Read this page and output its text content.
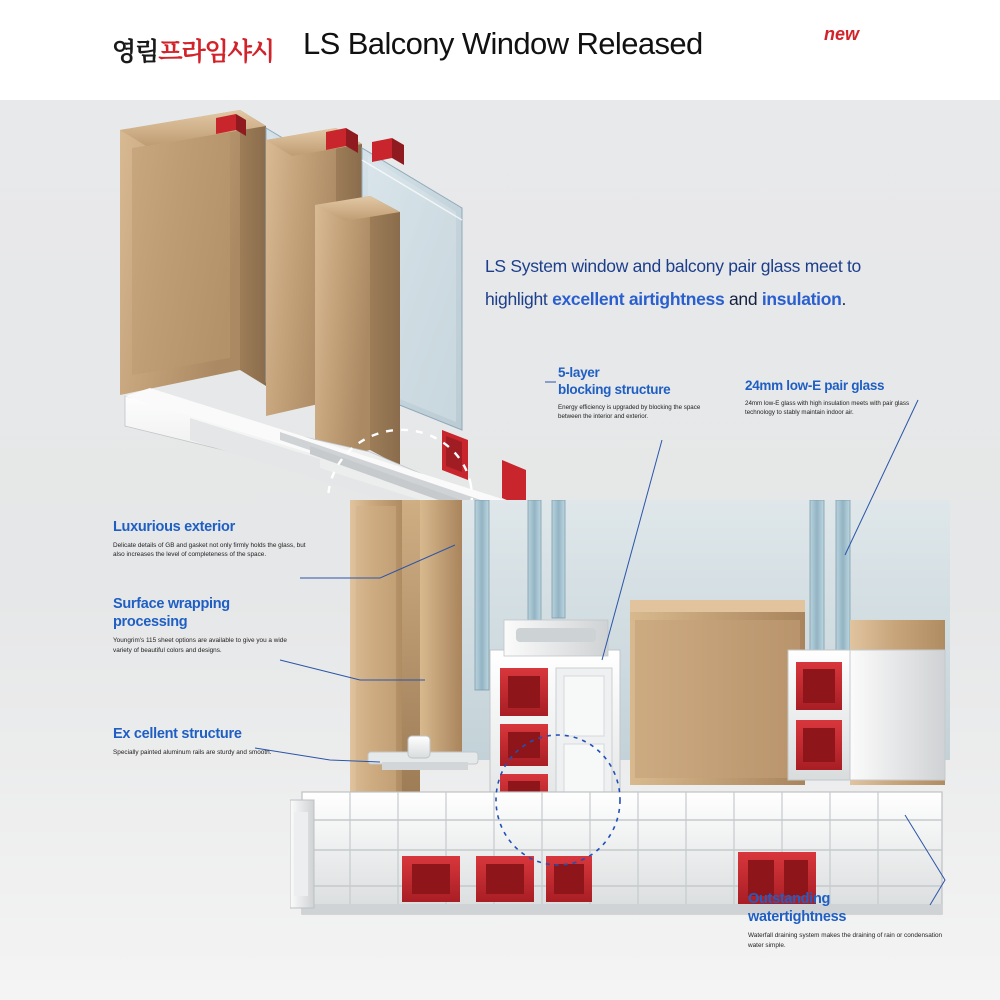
영림프라임샤시 LS Balcony Window Released	new
LS System window and balcony pair glass meet to
highlight excellent airtightness and insulation.
5-layer
blocking structure
Energy efficiency is upgraded by blocking the space between the interior and exterior.
24mm low-E pair glass
24mm low-E glass with high insulation meets with pair glass technology to stably maintain indoor air.
Luxurious exterior
Delicate details of GB and gasket not only firmly holds the glass, but also increases the level of completeness of the space.
Surface wrapping
processing
Youngrim's 115 sheet options are available to give you a wide variety of beautiful colors and designs.
Ex cellent structure
Specially painted aluminum rails are sturdy and smooth.
Outstanding
watertightness
Waterfall draining system makes the draining of rain or condensation water simple.
